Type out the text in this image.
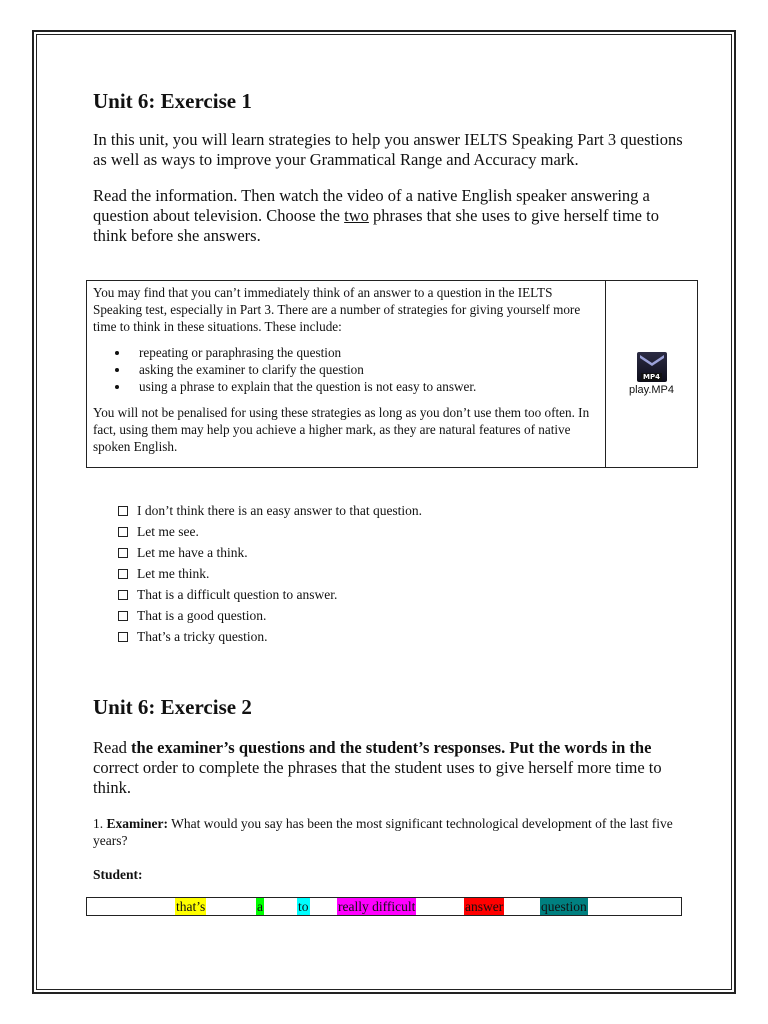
Unit 6: Exercise 1

In this unit, you will learn strategies to help you answer IELTS Speaking Part 3 questions as well as ways to improve your Grammatical Range and Accuracy mark.

Read the information. Then watch the video of a native English speaker answering a question about television. Choose the two phrases that she uses to give herself time to think before she answers.

You may find that you can’t immediately think of an answer to a question in the IELTS Speaking test, especially in Part 3. There are a number of strategies for giving yourself more time to think in these situations. These include:
repeating or paraphrasing the question
asking the examiner to clarify the question
using a phrase to explain that the question is not easy to answer.
You will not be penalised for using these strategies as long as you don’t use them too often. In fact, using them may help you achieve a higher mark, as they are natural features of native spoken English.
MP4
play.MP4
I don’t think there is an easy answer to that question.
Let me see.
Let me have a think.
Let me think.
That is a difficult question to answer.
That is a good question.
That’s a tricky question.
Unit 6: Exercise 2

Read the examiner’s questions and the student’s responses. Put the words in the correct order to complete the phrases that the student uses to give herself more time to think.

1. Examiner: What would you say has been the most significant technological development of the last five years?

Student:

that’s	a	to really difficult	answer	question
